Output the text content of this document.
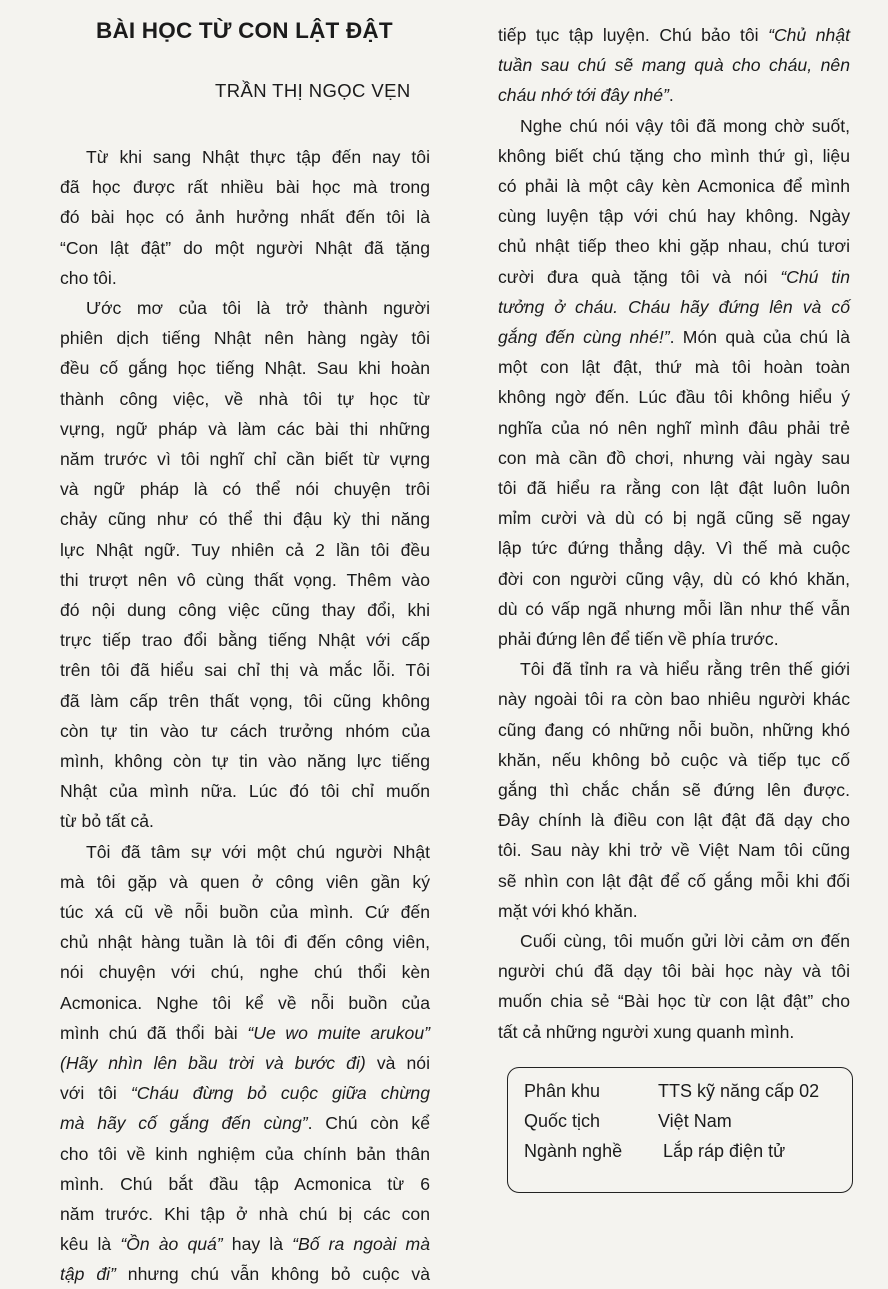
BÀI HỌC TỪ CON LẬT ĐẬT

TRẦN THỊ NGỌC VẸN

Từ khi sang Nhật thực tập đến nay tôi
đã học được rất nhiều bài học mà trong
đó bài học có ảnh hưởng nhất đến tôi là
“Con lật đật” do một người Nhật đã tặng
cho tôi.
Ước mơ của tôi là trở thành người
phiên dịch tiếng Nhật nên hàng ngày tôi
đều cố gắng học tiếng Nhật. Sau khi hoàn
thành công việc, về nhà tôi tự học từ
vựng, ngữ pháp và làm các bài thi những
năm trước vì tôi nghĩ chỉ cần biết từ vựng
và ngữ pháp là có thể nói chuyện trôi
chảy cũng như có thể thi đậu kỳ thi năng
lực Nhật ngữ. Tuy nhiên cả 2 lần tôi đều
thi trượt nên vô cùng thất vọng. Thêm vào
đó nội dung công việc cũng thay đổi, khi
trực tiếp trao đổi bằng tiếng Nhật với cấp
trên tôi đã hiểu sai chỉ thị và mắc lỗi. Tôi
đã làm cấp trên thất vọng, tôi cũng không
còn tự tin vào tư cách trưởng nhóm của
mình, không còn tự tin vào năng lực tiếng
Nhật của mình nữa. Lúc đó tôi chỉ muốn
từ bỏ tất cả.
Tôi đã tâm sự với một chú người Nhật
mà tôi gặp và quen ở công viên gần ký
túc xá cũ về nỗi buồn của mình. Cứ đến
chủ nhật hàng tuần là tôi đi đến công viên,
nói chuyện với chú, nghe chú thổi kèn
Acmonica. Nghe tôi kể về nỗi buồn của
mình chú đã thổi bài “Ue wo muite arukou”
(Hãy nhìn lên bầu trời và bước đi) và nói
với tôi “Cháu đừng bỏ cuộc giữa chừng
mà hãy cố gắng đến cùng”. Chú còn kể
cho tôi về kinh nghiệm của chính bản thân
mình. Chú bắt đầu tập Acmonica từ 6
năm trước. Khi tập ở nhà chú bị các con
kêu là “Ồn ào quá” hay là “Bố ra ngoài mà
tập đi” nhưng chú vẫn không bỏ cuộc và
tiếp tục tập luyện. Chú bảo tôi “Chủ nhật
tuần sau chú sẽ mang quà cho cháu, nên
cháu nhớ tới đây nhé”.
Nghe chú nói vậy tôi đã mong chờ suốt,
không biết chú tặng cho mình thứ gì, liệu
có phải là một cây kèn Acmonica để mình
cùng luyện tập với chú hay không. Ngày
chủ nhật tiếp theo khi gặp nhau, chú tươi
cười đưa quà tặng tôi và nói “Chú tin
tưởng ở cháu. Cháu hãy đứng lên và cố
gắng đến cùng nhé!”. Món quà của chú là
một con lật đật, thứ mà tôi hoàn toàn
không ngờ đến. Lúc đầu tôi không hiểu ý
nghĩa của nó nên nghĩ mình đâu phải trẻ
con mà cần đồ chơi, nhưng vài ngày sau
tôi đã hiểu ra rằng con lật đật luôn luôn
mỉm cười và dù có bị ngã cũng sẽ ngay
lập tức đứng thẳng dậy. Vì thế mà cuộc
đời con người cũng vậy, dù có khó khăn,
dù có vấp ngã nhưng mỗi lần như thế vẫn
phải đứng lên để tiến về phía trước.
Tôi đã tỉnh ra và hiểu rằng trên thế giới
này ngoài tôi ra còn bao nhiêu người khác
cũng đang có những nỗi buồn, những khó
khăn, nếu không bỏ cuộc và tiếp tục cố
gắng thì chắc chắn sẽ đứng lên được.
Đây chính là điều con lật đật đã dạy cho
tôi. Sau này khi trở về Việt Nam tôi cũng
sẽ nhìn con lật đật để cố gắng mỗi khi đối
mặt với khó khăn.
Cuối cùng, tôi muốn gửi lời cảm ơn đến
người chú đã dạy tôi bài học này và tôi
muốn chia sẻ “Bài học từ con lật đật” cho
tất cả những người xung quanh mình.
Phân khu	TTS kỹ năng cấp 02
Quốc tịch	Việt Nam
Ngành nghề Lắp ráp điện tử
